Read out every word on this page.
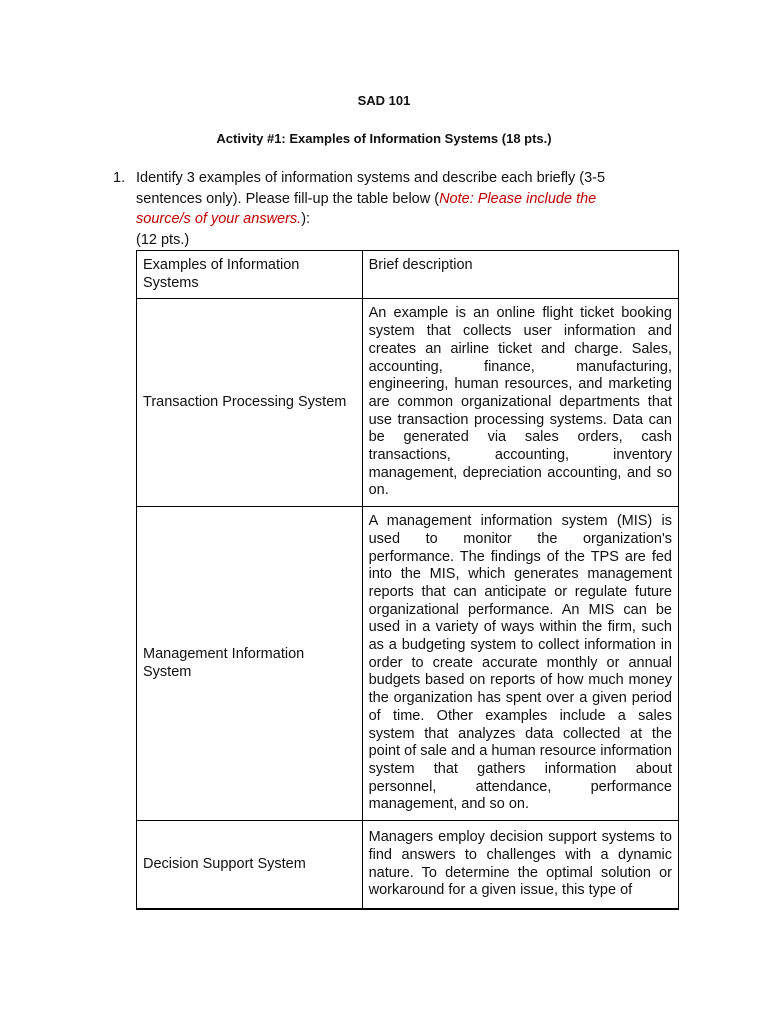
SAD 101
Activity #1: Examples of Information Systems (18 pts.)
1. Identify 3 examples of information systems and describe each briefly (3-5 sentences only). Please fill-up the table below (Note: Please include the source/s of your answers.):
(12 pts.)
Examples of Information Systems	Brief description
Transaction Processing System	An example is an online flight ticket booking system that collects user information and creates an airline ticket and charge. Sales, accounting, finance, manufacturing, engineering, human resources, and marketing are common organizational departments that use transaction processing systems. Data can be generated via sales orders, cash transactions, accounting, inventory management, depreciation accounting, and so on.
Management Information System	A management information system (MIS) is used to monitor the organization's performance. The findings of the TPS are fed into the MIS, which generates management reports that can anticipate or regulate future organizational performance. An MIS can be used in a variety of ways within the firm, such as a budgeting system to collect information in order to create accurate monthly or annual budgets based on reports of how much money the organization has spent over a given period of time. Other examples include a sales system that analyzes data collected at the point of sale and a human resource information system that gathers information about personnel, attendance, performance management, and so on.
Decision Support System	Managers employ decision support systems to find answers to challenges with a dynamic nature. To determine the optimal solution or workaround for a given issue, this type of
